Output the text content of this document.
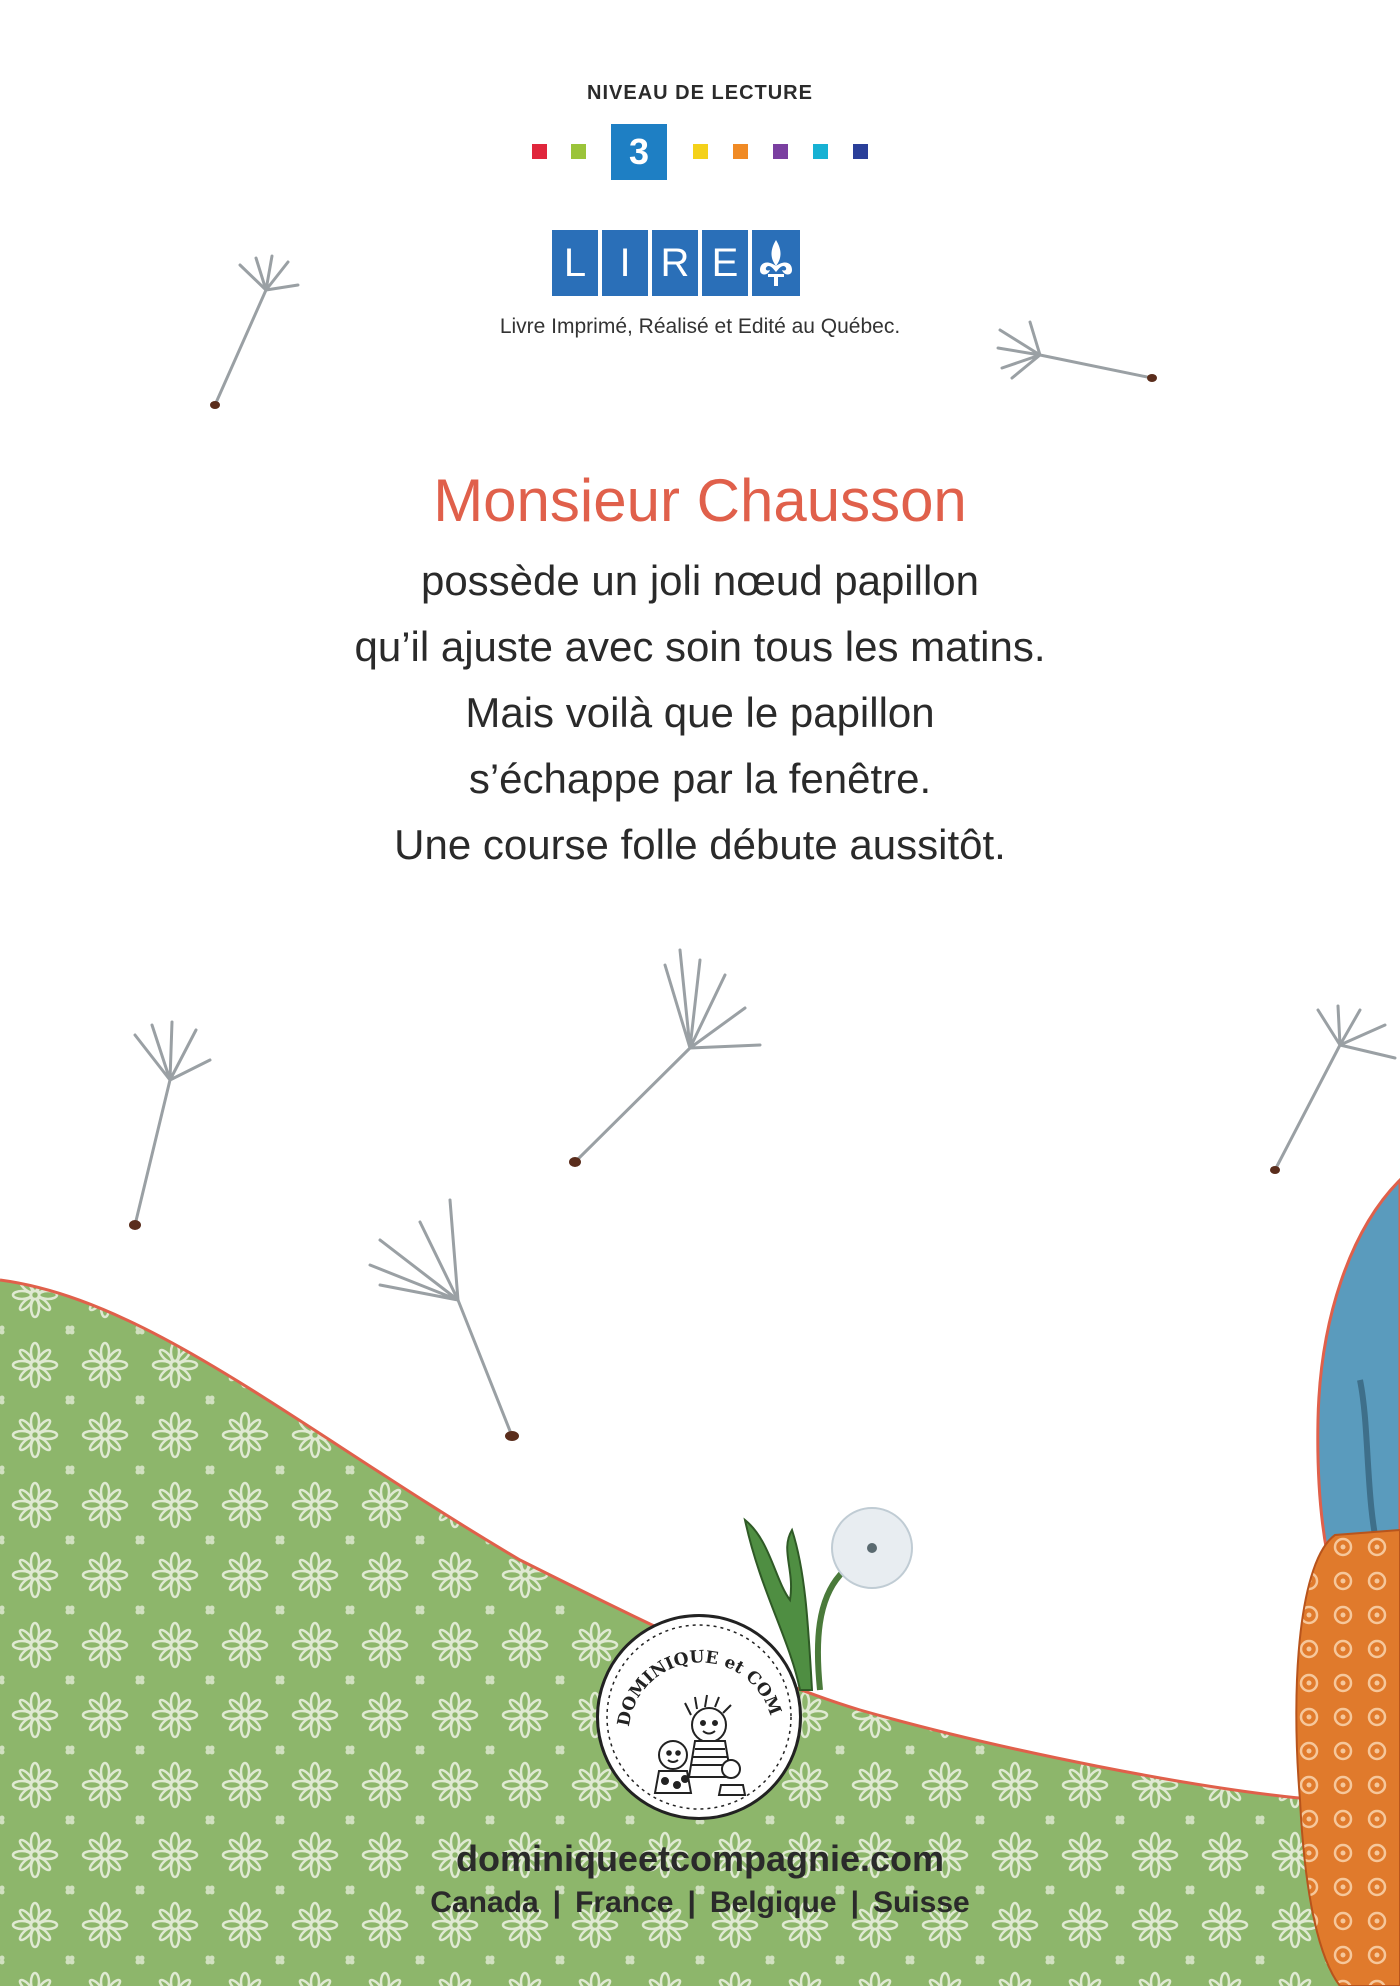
NIVEAU DE LECTURE
3
L I R E
Livre Imprimé, Réalisé et Edité au Québec.
Monsieur Chausson
possède un joli nœud papillon
qu’il ajuste avec soin tous les matins.
Mais voilà que le papillon
s’échappe par la fenêtre.
Une course folle débute aussitôt.
DOMINIQUE et COM
dominiqueetcompagnie.com
Canada | France | Belgique | Suisse
